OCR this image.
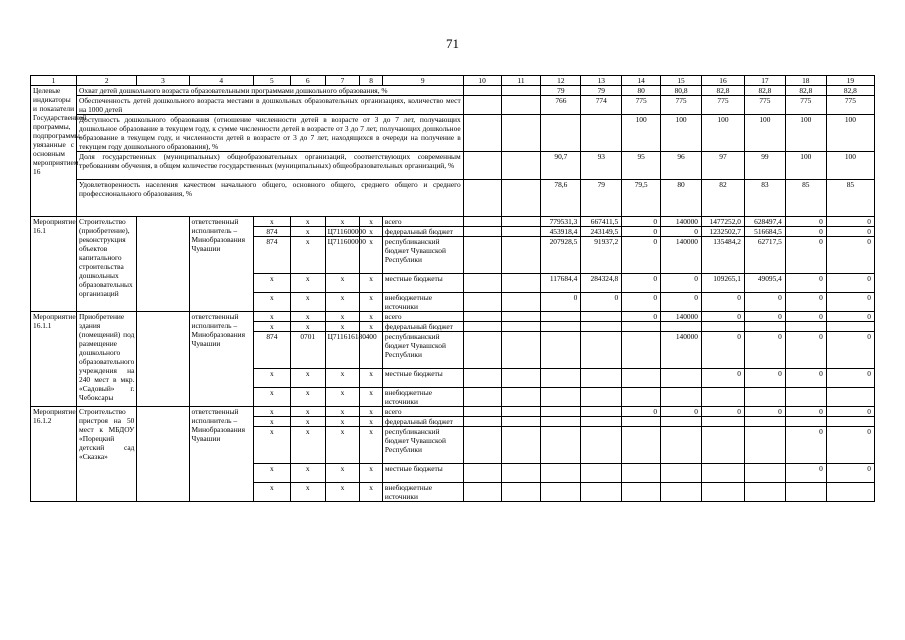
71
1	2	3	4	5	6	7	8	9	10	11	12	13	14	15	16	17	18	19
Целевые индикаторы и показатели Государственной программы, подпрограммы, увязанные с основным мероприятием 16	Охват детей дошкольного возраста образовательными программами дошкольного образования, %										79	79	80	80,8	82,8	82,8	82,8	82,8
	Обеспеченность детей дошкольного возраста местами в дошкольных образовательных организациях, количество мест на 1000 детей										766	774	775	775	775	775	775	775
	Доступность дошкольного образования (отношение численности детей в возрасте от 3 до 7 лет, получающих дошкольное образование в текущем году, к сумме численности детей в возрасте от 3 до 7 лет, получающих дошкольное образование в текущем году, и численности детей в возрасте от 3 до 7 лет, находящихся в очереди на получение в текущем году дошкольного образования), %												100	100	100	100	100	100
	Доля государственных (муниципальных) общеобразовательных организаций, соответствующих современным требованиям обучения, в общем количестве государственных (муниципальных) общеобразовательных организаций, %										90,7	93	95	96	97	99	100	100
	Удовлетворенность населения качеством начального общего, основного общего, среднего общего и среднего профессионального образования, %										78,6	79	79,5	80	82	83	85	85
Мероприятие 16.1	Строительство (приобретение), реконструкция объектов капитального строительства дошкольных образовательных организаций		ответственный исполнитель – Минобразования Чувашии	x	x	x	x	всего			779531,3	667411,5	0	140000	1477252,0	628497,4	0	0
				874	x	Ц711600000	x	федеральный бюджет			453918,4	243149,5	0	0	1232502,7	516684,5	0	0
				874	x	Ц711600000	x	республиканский бюджет Чувашской Республики			207928,5	91937,2	0	140000	135484,2	62717,5	0	0
				x	x	x	x	местные бюджеты			117684,4	284324,8	0	0	109265,1	49095,4	0	0
				x	x	x	x	внебюджетные источники			0	0	0	0	0	0	0	0
Мероприятие 16.1.1	Приобретение здания (помещений) под размещение дошкольного образовательного учреждения на 240 мест в мкр. «Садовый» г. Чебоксары		ответственный исполнитель – Минобразования Чувашии	x	x	x	x	всего					0	140000	0	0	0	0
				x	x	x	x	федеральный бюджет										
				874	0701	Ц711616180	400	республиканский бюджет Чувашской Республики						140000	0	0	0	0
				x	x	x	x	местные бюджеты							0	0	0	0
				x	x	x	x	внебюджетные источники										
Мероприятие 16.1.2	Строительство пристроя на 50 мест к МБДОУ «Порецкий детский сад «Сказка»		ответственный исполнитель – Минобразования Чувашии	x	x	x	x	всего					0	0	0	0	0	0
				x	x	x	x	федеральный бюджет										
				x	x	x	x	республиканский бюджет Чувашской Республики									0	0
				x	x	x	x	местные бюджеты									0	0
				x	x	x	x	внебюджетные источники										
